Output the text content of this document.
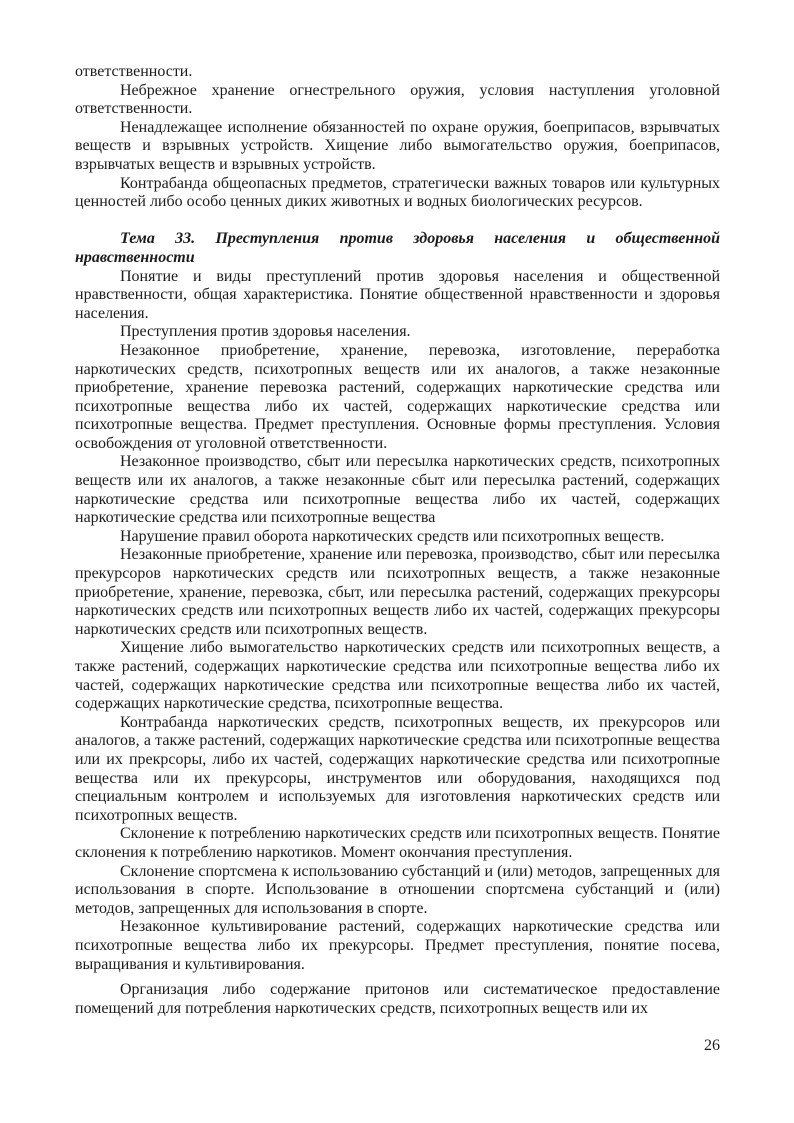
ответственности.

Небрежное хранение огнестрельного оружия, условия наступления уголовной ответственности.

Ненадлежащее исполнение обязанностей по охране оружия, боеприпасов, взрывчатых веществ и взрывных устройств. Хищение либо вымогательство оружия, боеприпасов, взрывчатых веществ и взрывных устройств.

Контрабанда общеопасных предметов, стратегически важных товаров или культурных ценностей либо особо ценных диких животных и водных биологических ресурсов.

Тема 33. Преступления против здоровья населения и общественной
нравственности

Понятие и виды преступлений против здоровья населения и общественной нравственности, общая характеристика. Понятие общественной нравственности и здоровья населения.

Преступления против здоровья населения.

Незаконное приобретение, хранение, перевозка, изготовление, переработка наркотических средств, психотропных веществ или их аналогов, а также незаконные приобретение, хранение перевозка растений, содержащих наркотические средства или психотропные вещества либо их частей, содержащих наркотические средства или психотропные вещества. Предмет преступления. Основные формы преступления. Условия освобождения от уголовной ответственности.

Незаконное производство, сбыт или пересылка наркотических средств, психотропных веществ или их аналогов, а также незаконные сбыт или пересылка растений, содержащих наркотические средства или психотропные вещества либо их частей, содержащих наркотические средства или психотропные вещества

Нарушение правил оборота наркотических средств или психотропных веществ.

Незаконные приобретение, хранение или перевозка, производство, сбыт или пересылка прекурсоров наркотических средств или психотропных веществ, а также незаконные приобретение, хранение, перевозка, сбыт, или пересылка растений, содержащих прекурсоры наркотических средств или психотропных веществ либо их частей, содержащих прекурсоры наркотических средств или психотропных веществ.

Хищение либо вымогательство наркотических средств или психотропных веществ, а также растений, содержащих наркотические средства или психотропные вещества либо их частей, содержащих наркотические средства или психотропные вещества либо их частей, содержащих наркотические средства, психотропные вещества.

Контрабанда наркотических средств, психотропных веществ, их прекурсоров или аналогов, а также растений, содержащих наркотические средства или психотропные вещества или их прекрсоры, либо их частей, содержащих наркотические средства или психотропные вещества или их прекурсоры, инструментов или оборудования, находящихся под специальным контролем и используемых для изготовления наркотических средств или психотропных веществ.

Склонение к потреблению наркотических средств или психотропных веществ. Понятие склонения к потреблению наркотиков. Момент окончания преступления.

Склонение спортсмена к использованию субстанций и (или) методов, запрещенных для использования в спорте. Использование в отношении спортсмена субстанций и (или) методов, запрещенных для использования в спорте.

Незаконное культивирование растений, содержащих наркотические средства или психотропные вещества либо их прекурсоры. Предмет преступления, понятие посева, выращивания и культивирования.

Организация либо содержание притонов или систематическое предоставление помещений для потребления наркотических средств, психотропных веществ или их

26
